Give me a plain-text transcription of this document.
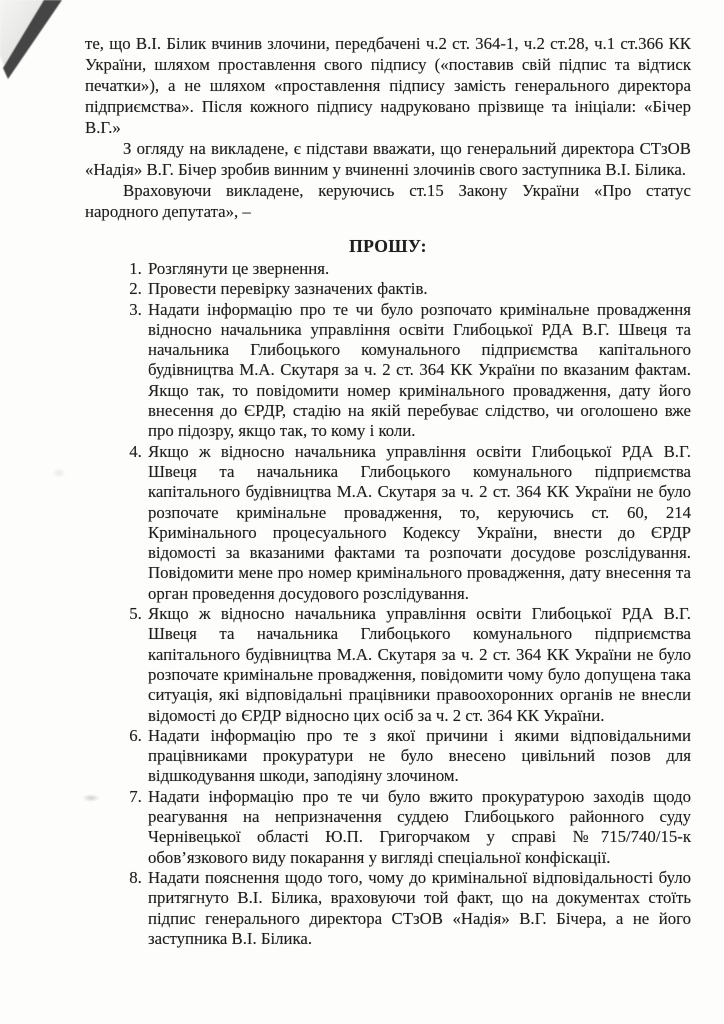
те, що В.І. Білик вчинив злочини, передбачені ч.2 ст. 364-1, ч.2 ст.28, ч.1 ст.366 КК України, шляхом проставлення свого підпису («поставив свій підпис та відтиск печатки»), а не шляхом «проставлення підпису замість генерального директора підприємства». Після кожного підпису надруковано прізвище та ініціали: «Бічер В.Г.»

З огляду на викладене, є підстави вважати, що генеральний директора СТзОВ «Надія» В.Г. Бічер зробив винним у вчиненні злочинів свого заступника В.І. Білика.

Враховуючи викладене, керуючись ст.15 Закону України «Про статус народного депутата», –

ПРОШУ:
1. Розглянути це звернення.
2. Провести перевірку зазначених фактів.
3. Надати інформацію про те чи було розпочато кримінальне провадження відносно начальника управління освіти Глибоцької РДА В.Г. Швеця та начальника Глибоцького комунального підприємства капітального будівництва М.А. Скутаря за ч. 2 ст. 364 КК України по вказаним фактам. Якщо так, то повідомити номер кримінального провадження, дату його внесення до ЄРДР, стадію на якій перебуває слідство, чи оголошено вже про підозру, якщо так, то кому і коли.
4. Якщо ж відносно начальника управління освіти Глибоцької РДА В.Г. Швеця та начальника Глибоцького комунального підприємства капітального будівництва М.А. Скутаря за ч. 2 ст. 364 КК України не було розпочате кримінальне провадження, то, керуючись ст. 60, 214 Кримінального процесуального Кодексу України, внести до ЄРДР відомості за вказаними фактами та розпочати досудове розслідування. Повідомити мене про номер кримінального провадження, дату внесення та орган проведення досудового розслідування.
5. Якщо ж відносно начальника управління освіти Глибоцької РДА В.Г. Швеця та начальника Глибоцького комунального підприємства капітального будівництва М.А. Скутаря за ч. 2 ст. 364 КК України не було розпочате кримінальне провадження, повідомити чому було допущена така ситуація, які відповідальні працівники правоохоронних органів не внесли відомості до ЄРДР відносно цих осіб за ч. 2 ст. 364 КК України.
6. Надати інформацію про те з якої причини і якими відповідальними працівниками прокуратури не було внесено цивільний позов для відшкодування шкоди, заподіяну злочином.
7. Надати інформацію про те чи було вжито прокуратурою заходів щодо реагування на непризначення суддею Глибоцького районного суду Чернівецької області Ю.П. Григорчаком у справі №715/740/15-к обов’язкового виду покарання у вигляді спеціальної конфіскації.
8. Надати пояснення щодо того, чому до кримінальної відповідальності було притягнуто В.І. Білика, враховуючи той факт, що на документах стоїть підпис генерального директора СТзОВ «Надія» В.Г. Бічера, а не його заступника В.І. Білика.
